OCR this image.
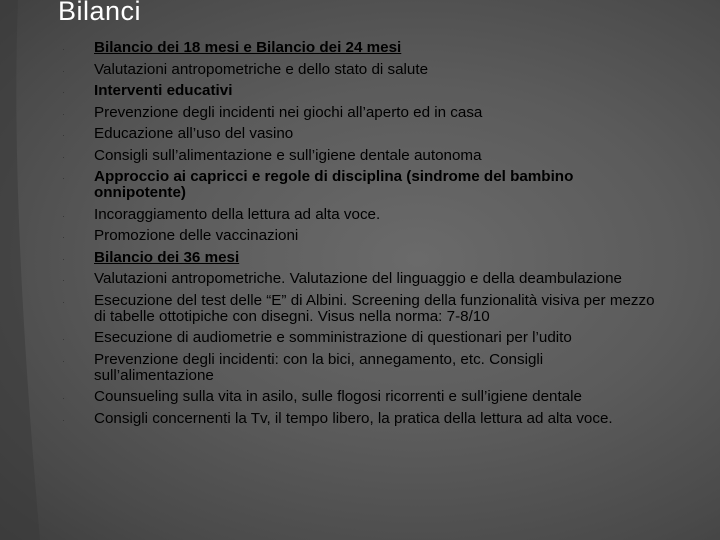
Bilanci
· Bilancio dei 18 mesi e Bilancio dei 24 mesi
· Valutazioni antropometriche e dello stato di salute
· Interventi educativi
· Prevenzione degli incidenti nei giochi all’aperto ed in casa
· Educazione all’uso del vasino
· Consigli sull’alimentazione e sull’igiene dentale autonoma
· Approccio ai capricci e regole di disciplina (sindrome del bambino onnipotente)
· Incoraggiamento della lettura ad alta voce.
· Promozione delle vaccinazioni
· Bilancio dei 36 mesi
· Valutazioni antropometriche. Valutazione del linguaggio e della deambulazione
· Esecuzione del test delle “E” di Albini. Screening della funzionalità visiva per mezzo di tabelle ottotipiche con disegni. Visus nella norma: 7-8/10
· Esecuzione di audiometrie e somministrazione di questionari per l’udito
· Prevenzione degli incidenti: con la bici, annegamento, etc. Consigli sull’alimentazione
· Counsueling sulla vita in asilo, sulle flogosi ricorrenti e sull’igiene dentale
· Consigli concernenti la Tv, il tempo libero, la pratica della lettura ad alta voce.
